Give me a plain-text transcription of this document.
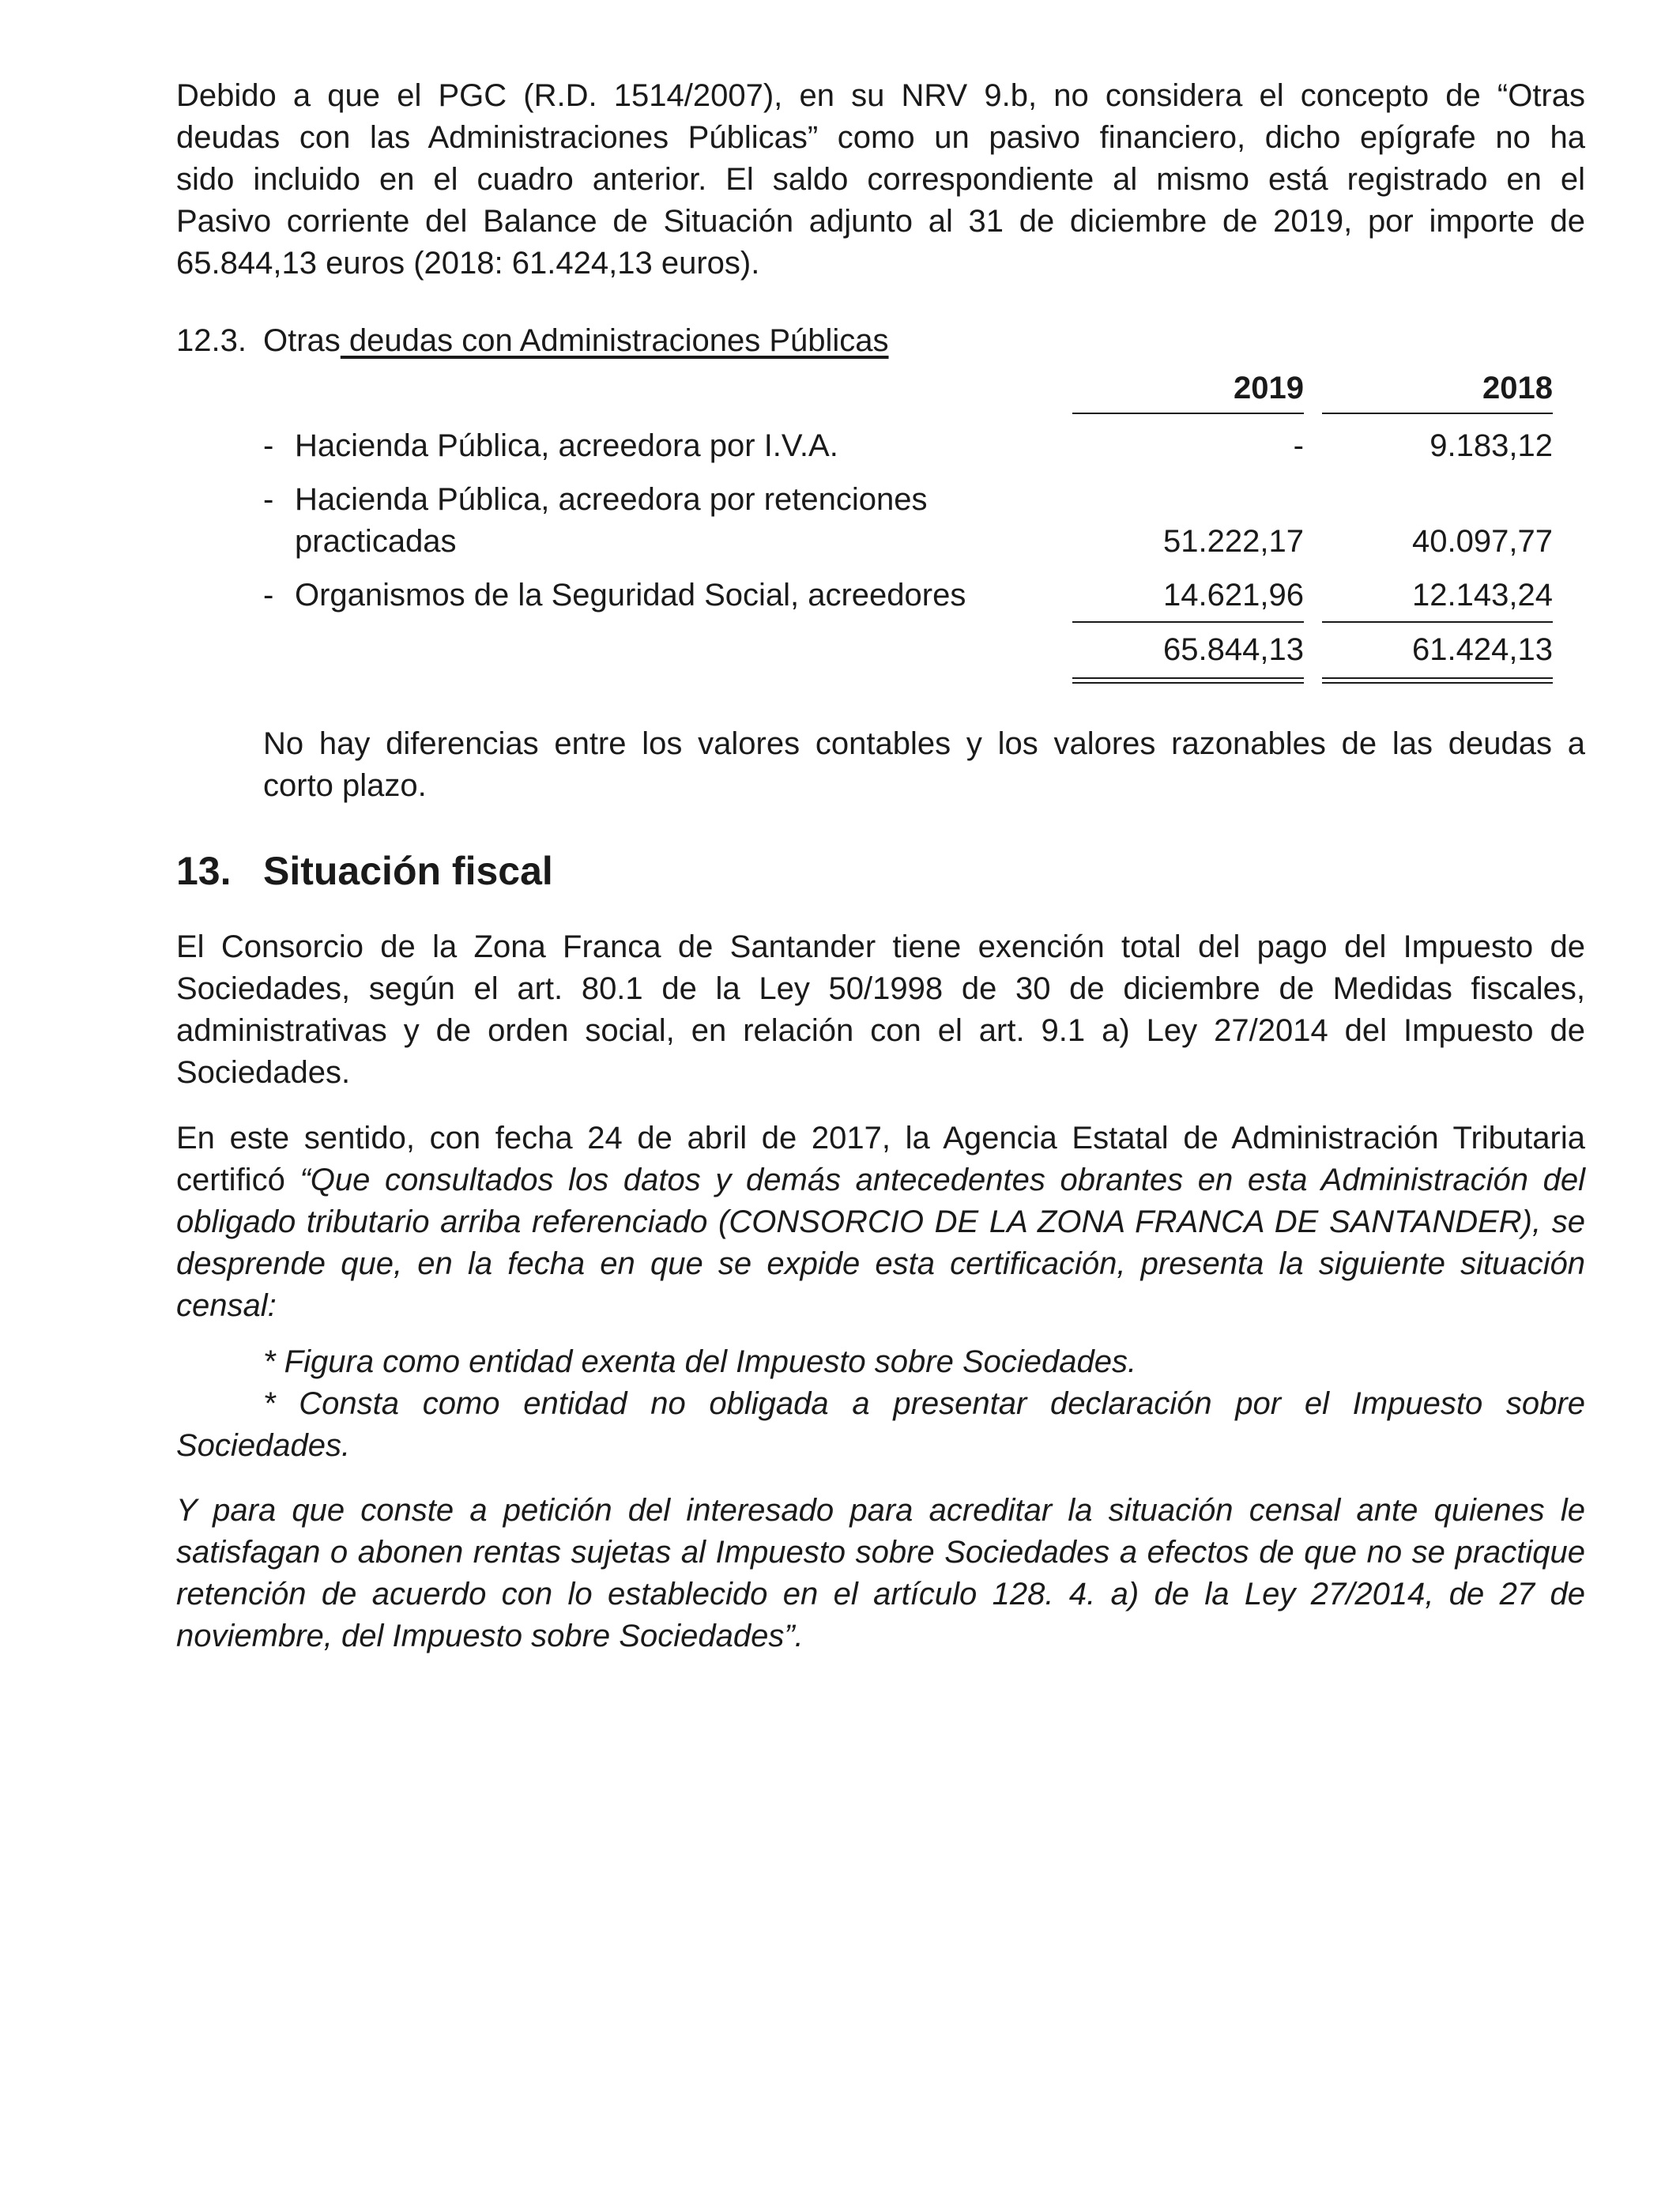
Debido a que el PGC (R.D. 1514/2007), en su NRV 9.b, no considera el concepto de “Otras
deudas con las Administraciones Públicas” como un pasivo financiero, dicho epígrafe no ha
sido incluido en el cuadro anterior. El saldo correspondiente al mismo está registrado en el
Pasivo corriente del Balance de Situación adjunto al 31 de diciembre de 2019, por importe de
65.844,13 euros (2018: 61.424,13 euros).
12.3. Otras deudas con Administraciones Públicas
2019	2018
- Hacienda Pública, acreedora por I.V.A.	-	9.183,12
- Hacienda Pública, acreedora por retenciones
practicadas	51.222,17	40.097,77
- Organismos de la Seguridad Social, acreedores	14.621,96	12.143,24
65.844,13	61.424,13
No hay diferencias entre los valores contables y los valores razonables de las deudas a
corto plazo.
13. Situación fiscal
El Consorcio de la Zona Franca de Santander tiene exención total del pago del Impuesto de
Sociedades, según el art. 80.1 de la Ley 50/1998 de 30 de diciembre de Medidas fiscales,
administrativas y de orden social, en relación con el art. 9.1 a) Ley 27/2014 del Impuesto de
Sociedades.
En este sentido, con fecha 24 de abril de 2017, la Agencia Estatal de Administración Tributaria
certificó “Que consultados los datos y demás antecedentes obrantes en esta Administración del
obligado tributario arriba referenciado (CONSORCIO DE LA ZONA FRANCA DE SANTANDER), se
desprende que, en la fecha en que se expide esta certificación, presenta la siguiente situación
censal:
* Figura como entidad exenta del Impuesto sobre Sociedades.
* Consta como entidad no obligada a presentar declaración por el Impuesto sobre
Sociedades.
Y para que conste a petición del interesado para acreditar la situación censal ante quienes le
satisfagan o abonen rentas sujetas al Impuesto sobre Sociedades a efectos de que no se practique
retención de acuerdo con lo establecido en el artículo 128. 4. a) de la Ley 27/2014, de 27 de
noviembre, del Impuesto sobre Sociedades”.
